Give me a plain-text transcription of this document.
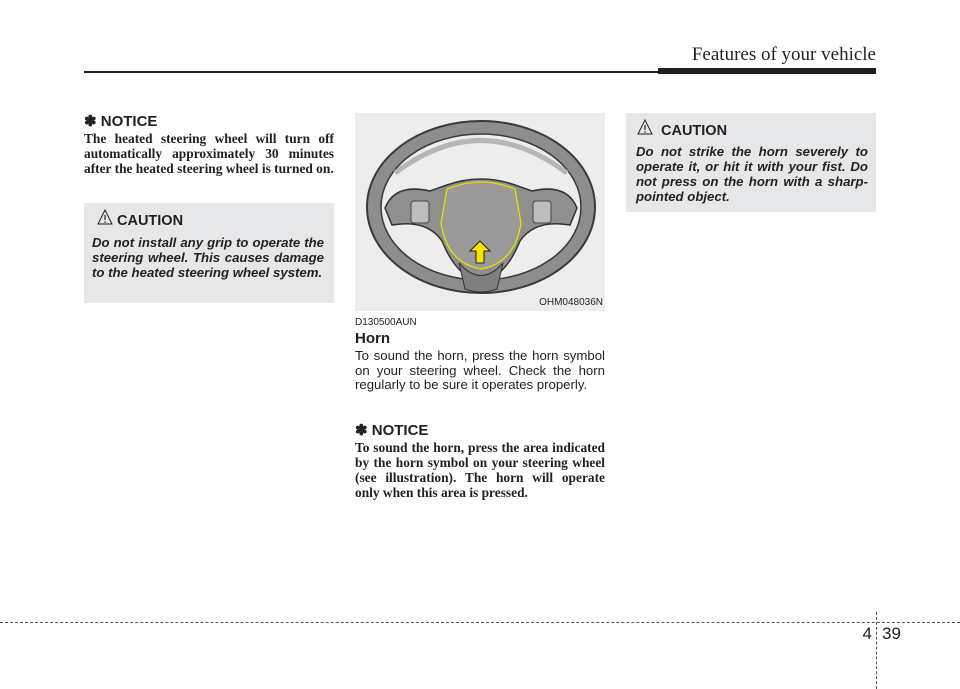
Features of your vehicle
✽ NOTICE
The heated steering wheel will turn off automatically approximately 30 minutes after the heated steering wheel is turned on.
CAUTION
Do not install any grip to operate the steering wheel. This causes damage to the heated steering wheel system.
OHM048036N
D130500AUN
Horn
To sound the horn, press the horn symbol on your steering wheel. Check the horn regularly to be sure it operates properly.
✽ NOTICE
To sound the horn, press the area indicated by the horn symbol on your steering wheel (see illustration). The horn will operate only when this area is pressed.
CAUTION
Do not strike the horn severely to operate it, or hit it with your fist. Do not press on the horn with a sharp-pointed object.
4 39
